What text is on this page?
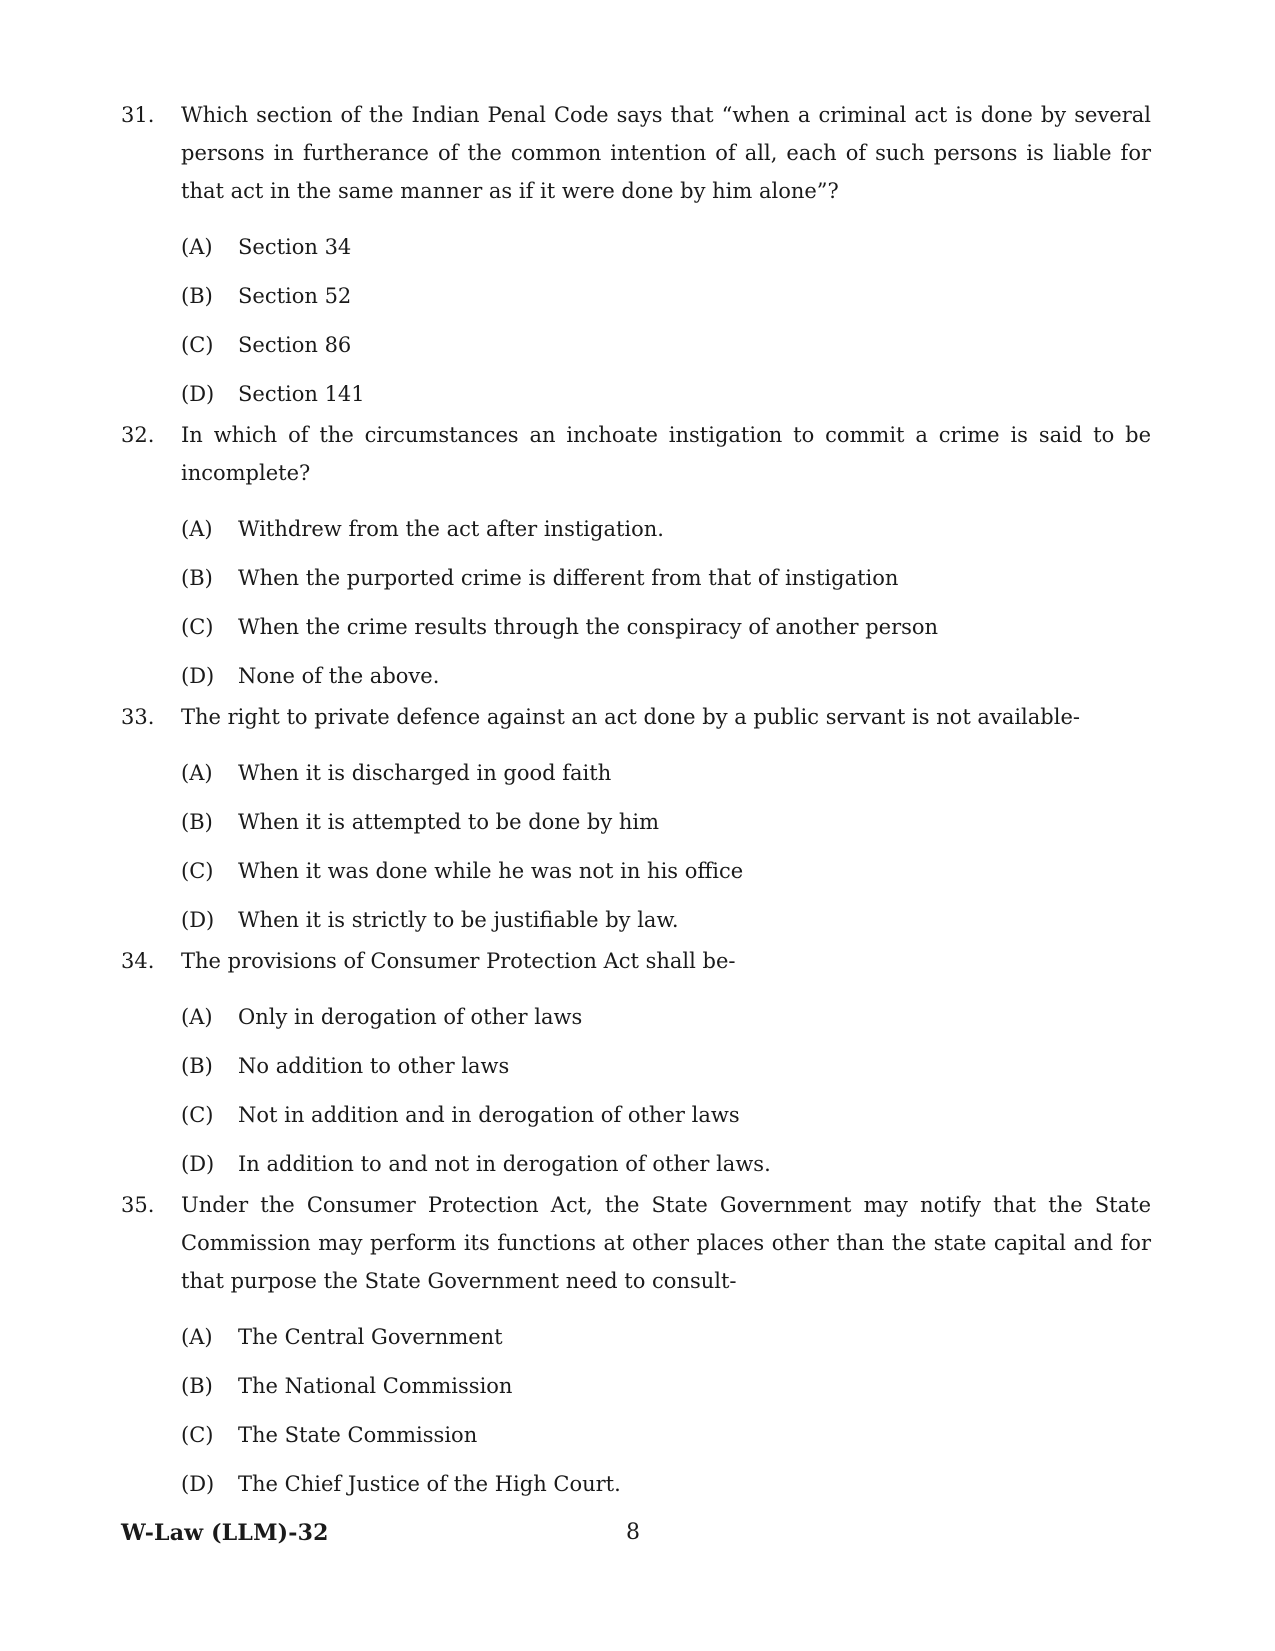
31.	Which section of the Indian Penal Code says that “when a criminal act is done by several persons in furtherance of the common intention of all, each of such persons is liable for that act in the same manner as if it were done by him alone”?
(A)	Section 34
(B)	Section 52
(C)	Section 86
(D)	Section 141
32.	In which of the circumstances an inchoate instigation to commit a crime is said to be incomplete?
(A)	Withdrew from the act after instigation.
(B)	When the purported crime is different from that of instigation
(C)	When the crime results through the conspiracy of another person
(D)	None of the above.
33.	The right to private defence against an act done by a public servant is not available-
(A)	When it is discharged in good faith
(B)	When it is attempted to be done by him
(C)	When it was done while he was not in his office
(D)	When it is strictly to be justifiable by law.
34.	The provisions of Consumer Protection Act shall be-
(A)	Only in derogation of other laws
(B)	No addition to other laws
(C)	Not in addition and in derogation of other laws
(D)	In addition to and not in derogation of other laws.
35.	Under the Consumer Protection Act, the State Government may notify that the State Commission may perform its functions at other places other than the state capital and for that purpose the State Government need to consult-
(A)	The Central Government
(B)	The National Commission
(C)	The State Commission
(D)	The Chief Justice of the High Court.
W-Law (LLM)-32	8
